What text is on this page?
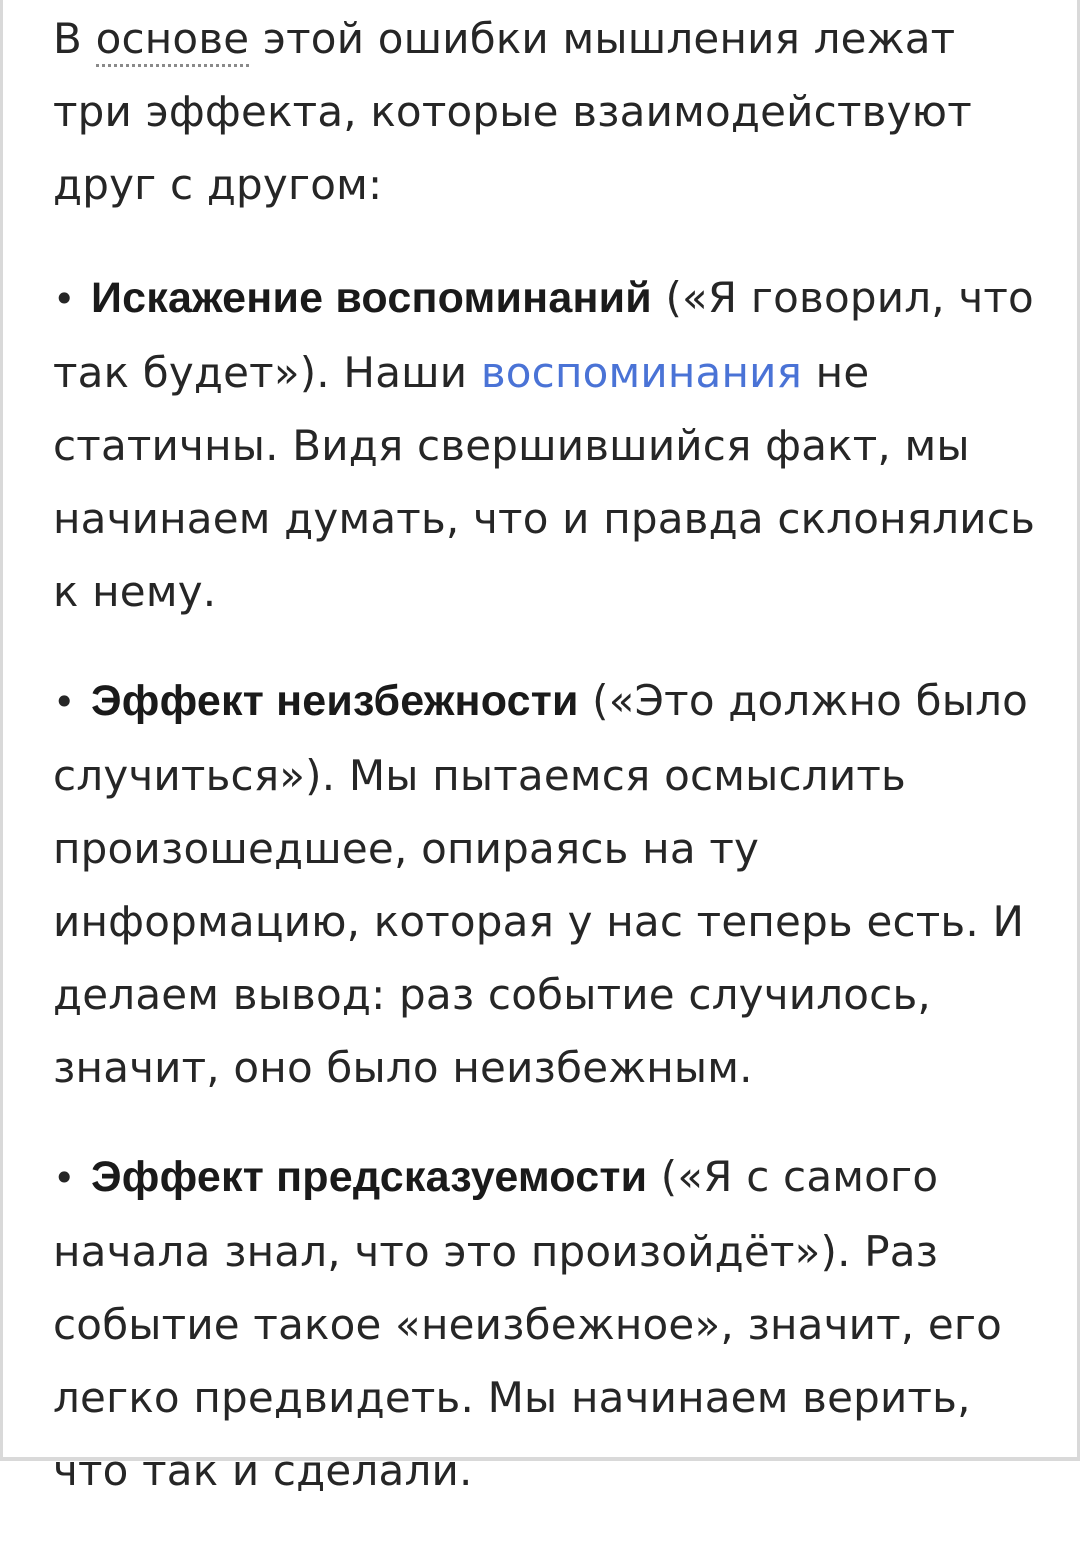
В основе этой ошибки мышления лежат три эффекта, которые взаимодействуют друг с другом:

• Искажение воспоминаний («Я говорил, что так будет»). Наши воспоминания не статичны. Видя свершившийся факт, мы начинаем думать, что и правда склонялись к нему.
• Эффект неизбежности («Это должно было случиться»). Мы пытаемся осмыслить произошедшее, опираясь на ту информацию, которая у нас теперь есть. И делаем вывод: раз событие случилось, значит, оно было неизбежным.
• Эффект предсказуемости («Я с самого начала знал, что это произойдёт»). Раз событие такое «неизбежное», значит, его легко предвидеть. Мы начинаем верить, что так и сделали.
